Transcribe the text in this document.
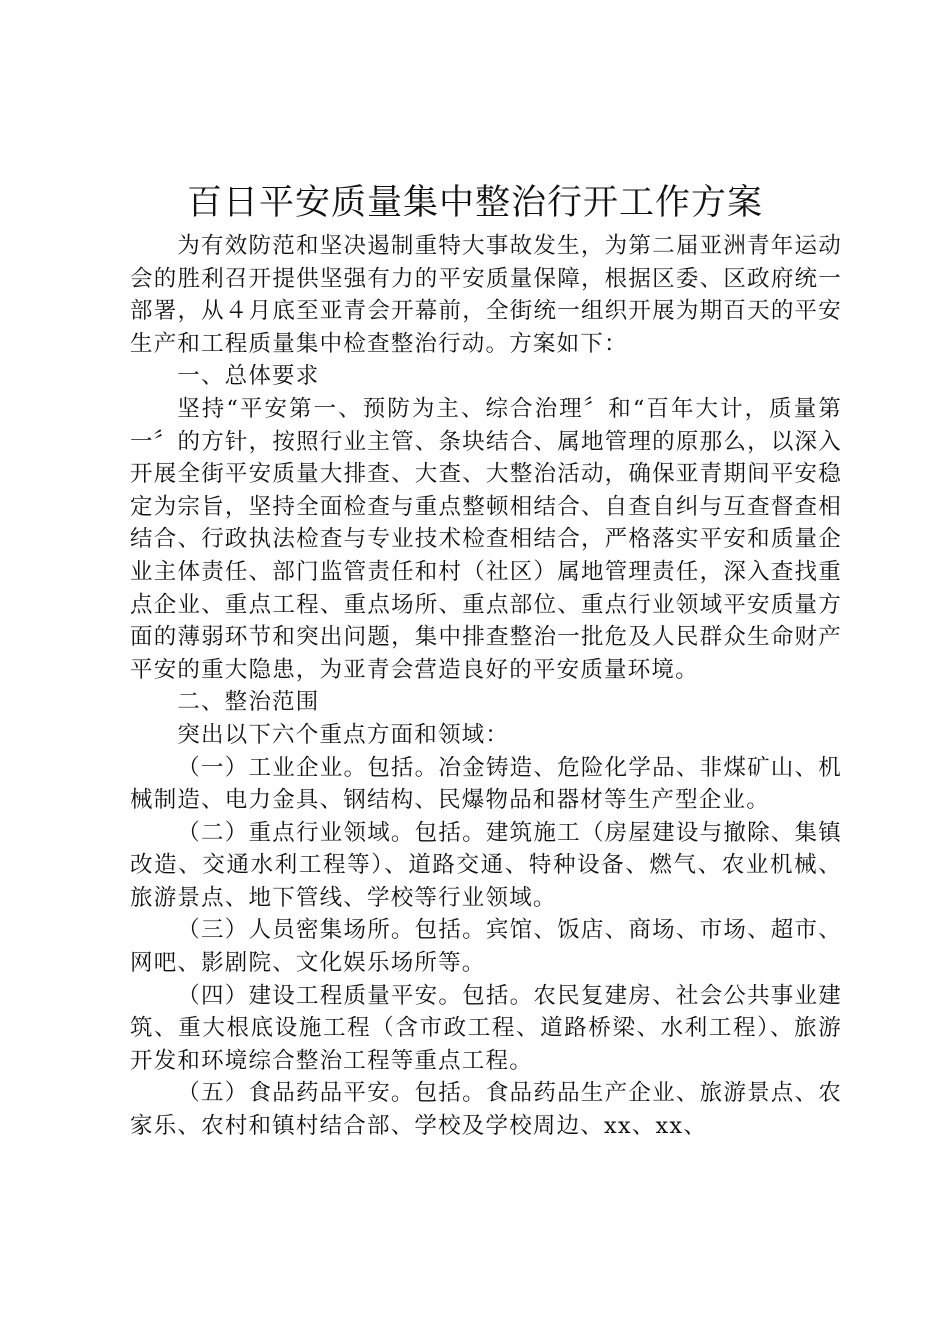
百日平安质量集中整治行开工作方案

为有效防范和坚决遏制重特大事故发生，为第二届亚洲青年运动会的胜利召开提供坚强有力的平安质量保障，根据区委、区政府统一部署，从４月底至亚青会开幕前，全街统一组织开展为期百天的平安生产和工程质量集中检查整治行动。方案如下：

一、总体要求

坚持“平安第一、预防为主、综合治理〞和“百年大计，质量第一〞的方针，按照行业主管、条块结合、属地管理的原那么，以深入开展全街平安质量大排查、大查、大整治活动，确保亚青期间平安稳定为宗旨，坚持全面检查与重点整顿相结合、自查自纠与互查督查相结合、行政执法检查与专业技术检查相结合，严格落实平安和质量企业主体责任、部门监管责任和村（社区）属地管理责任，深入查找重点企业、重点工程、重点场所、重点部位、重点行业领域平安质量方面的薄弱环节和突出问题，集中排查整治一批危及人民群众生命财产平安的重大隐患，为亚青会营造良好的平安质量环境。

二、整治范围

突出以下六个重点方面和领域：

（一）工业企业。包括。冶金铸造、危险化学品、非煤矿山、机械制造、电力金具、钢结构、民爆物品和器材等生产型企业。

（二）重点行业领域。包括。建筑施工（房屋建设与撤除、集镇改造、交通水利工程等）、道路交通、特种设备、燃气、农业机械、旅游景点、地下管线、学校等行业领域。

（三）人员密集场所。包括。宾馆、饭店、商场、市场、超市、网吧、影剧院、文化娱乐场所等。

（四）建设工程质量平安。包括。农民复建房、社会公共事业建筑、重大根底设施工程（含市政工程、道路桥梁、水利工程）、旅游开发和环境综合整治工程等重点工程。

（五）食品药品平安。包括。食品药品生产企业、旅游景点、农家乐、农村和镇村结合部、学校及学校周边、xx、xx、
